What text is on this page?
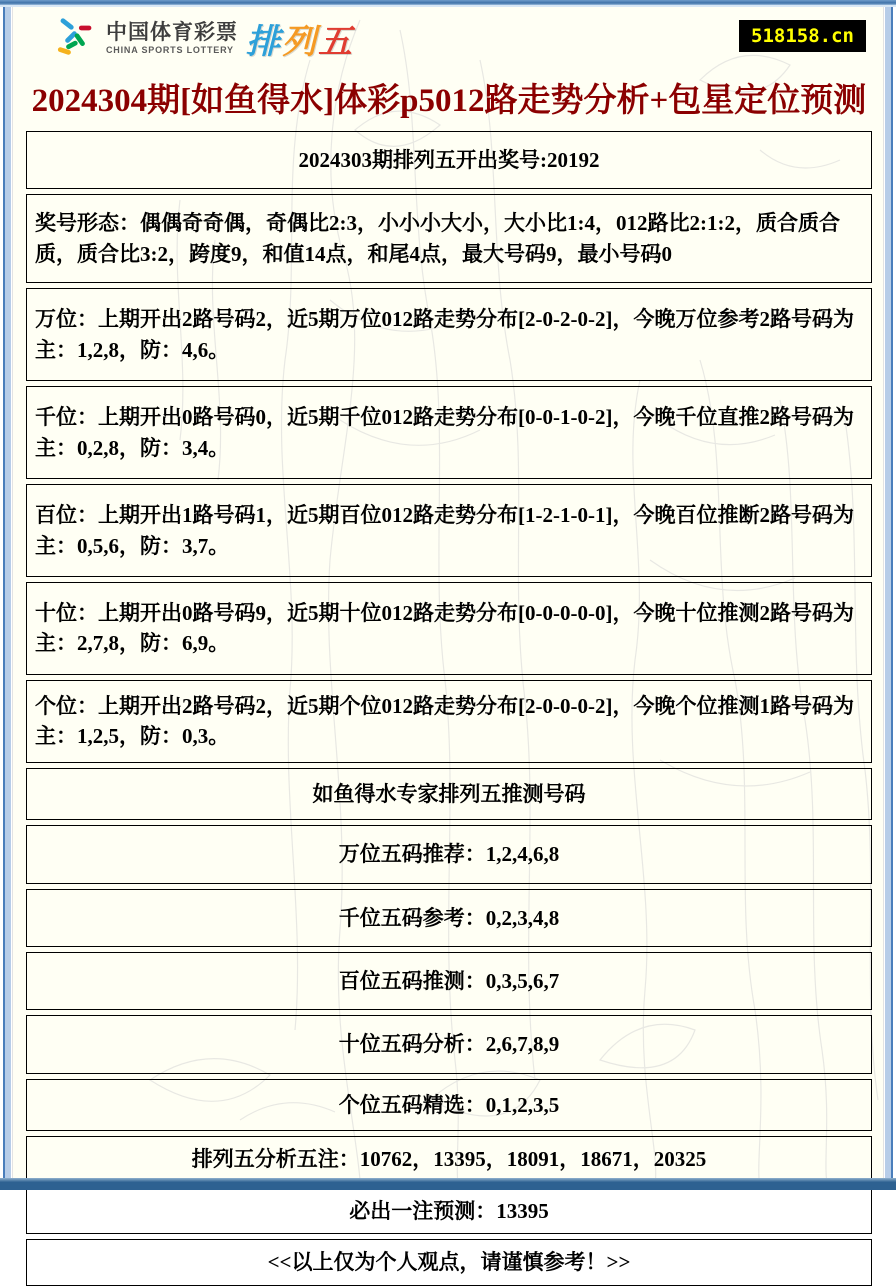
中国体育彩票
CHINA SPORTS LOTTERY 排列五	518158.cn
2024304期[如鱼得水]体彩p5012路走势分析+包星定位预测
2024303期排列五开出奖号:20192
奖号形态：偶偶奇奇偶，奇偶比2:3，小小小大小，大小比1:4，012路比2:1:2，质合质合质，质合比3:2，跨度9，和值14点，和尾4点，最大号码9，最小号码0
万位：上期开出2路号码2，近5期万位012路走势分布[2-0-2-0-2]，今晚万位参考2路号码为主：1,2,8，防：4,6。
千位：上期开出0路号码0，近5期千位012路走势分布[0-0-1-0-2]，今晚千位直推2路号码为主：0,2,8，防：3,4。
百位：上期开出1路号码1，近5期百位012路走势分布[1-2-1-0-1]，今晚百位推断2路号码为主：0,5,6，防：3,7。
十位：上期开出0路号码9，近5期十位012路走势分布[0-0-0-0-0]，今晚十位推测2路号码为主：2,7,8，防：6,9。
个位：上期开出2路号码2，近5期个位012路走势分布[2-0-0-0-2]，今晚个位推测1路号码为主：1,2,5，防：0,3。
如鱼得水专家排列五推测号码
万位五码推荐：1,2,4,6,8
千位五码参考：0,2,3,4,8
百位五码推测：0,3,5,6,7
十位五码分析：2,6,7,8,9
个位五码精选：0,1,2,3,5
排列五分析五注：10762，13395，18091，18671，20325
必出一注预测：13395
<<以上仅为个人观点，请谨慎参考！>>
